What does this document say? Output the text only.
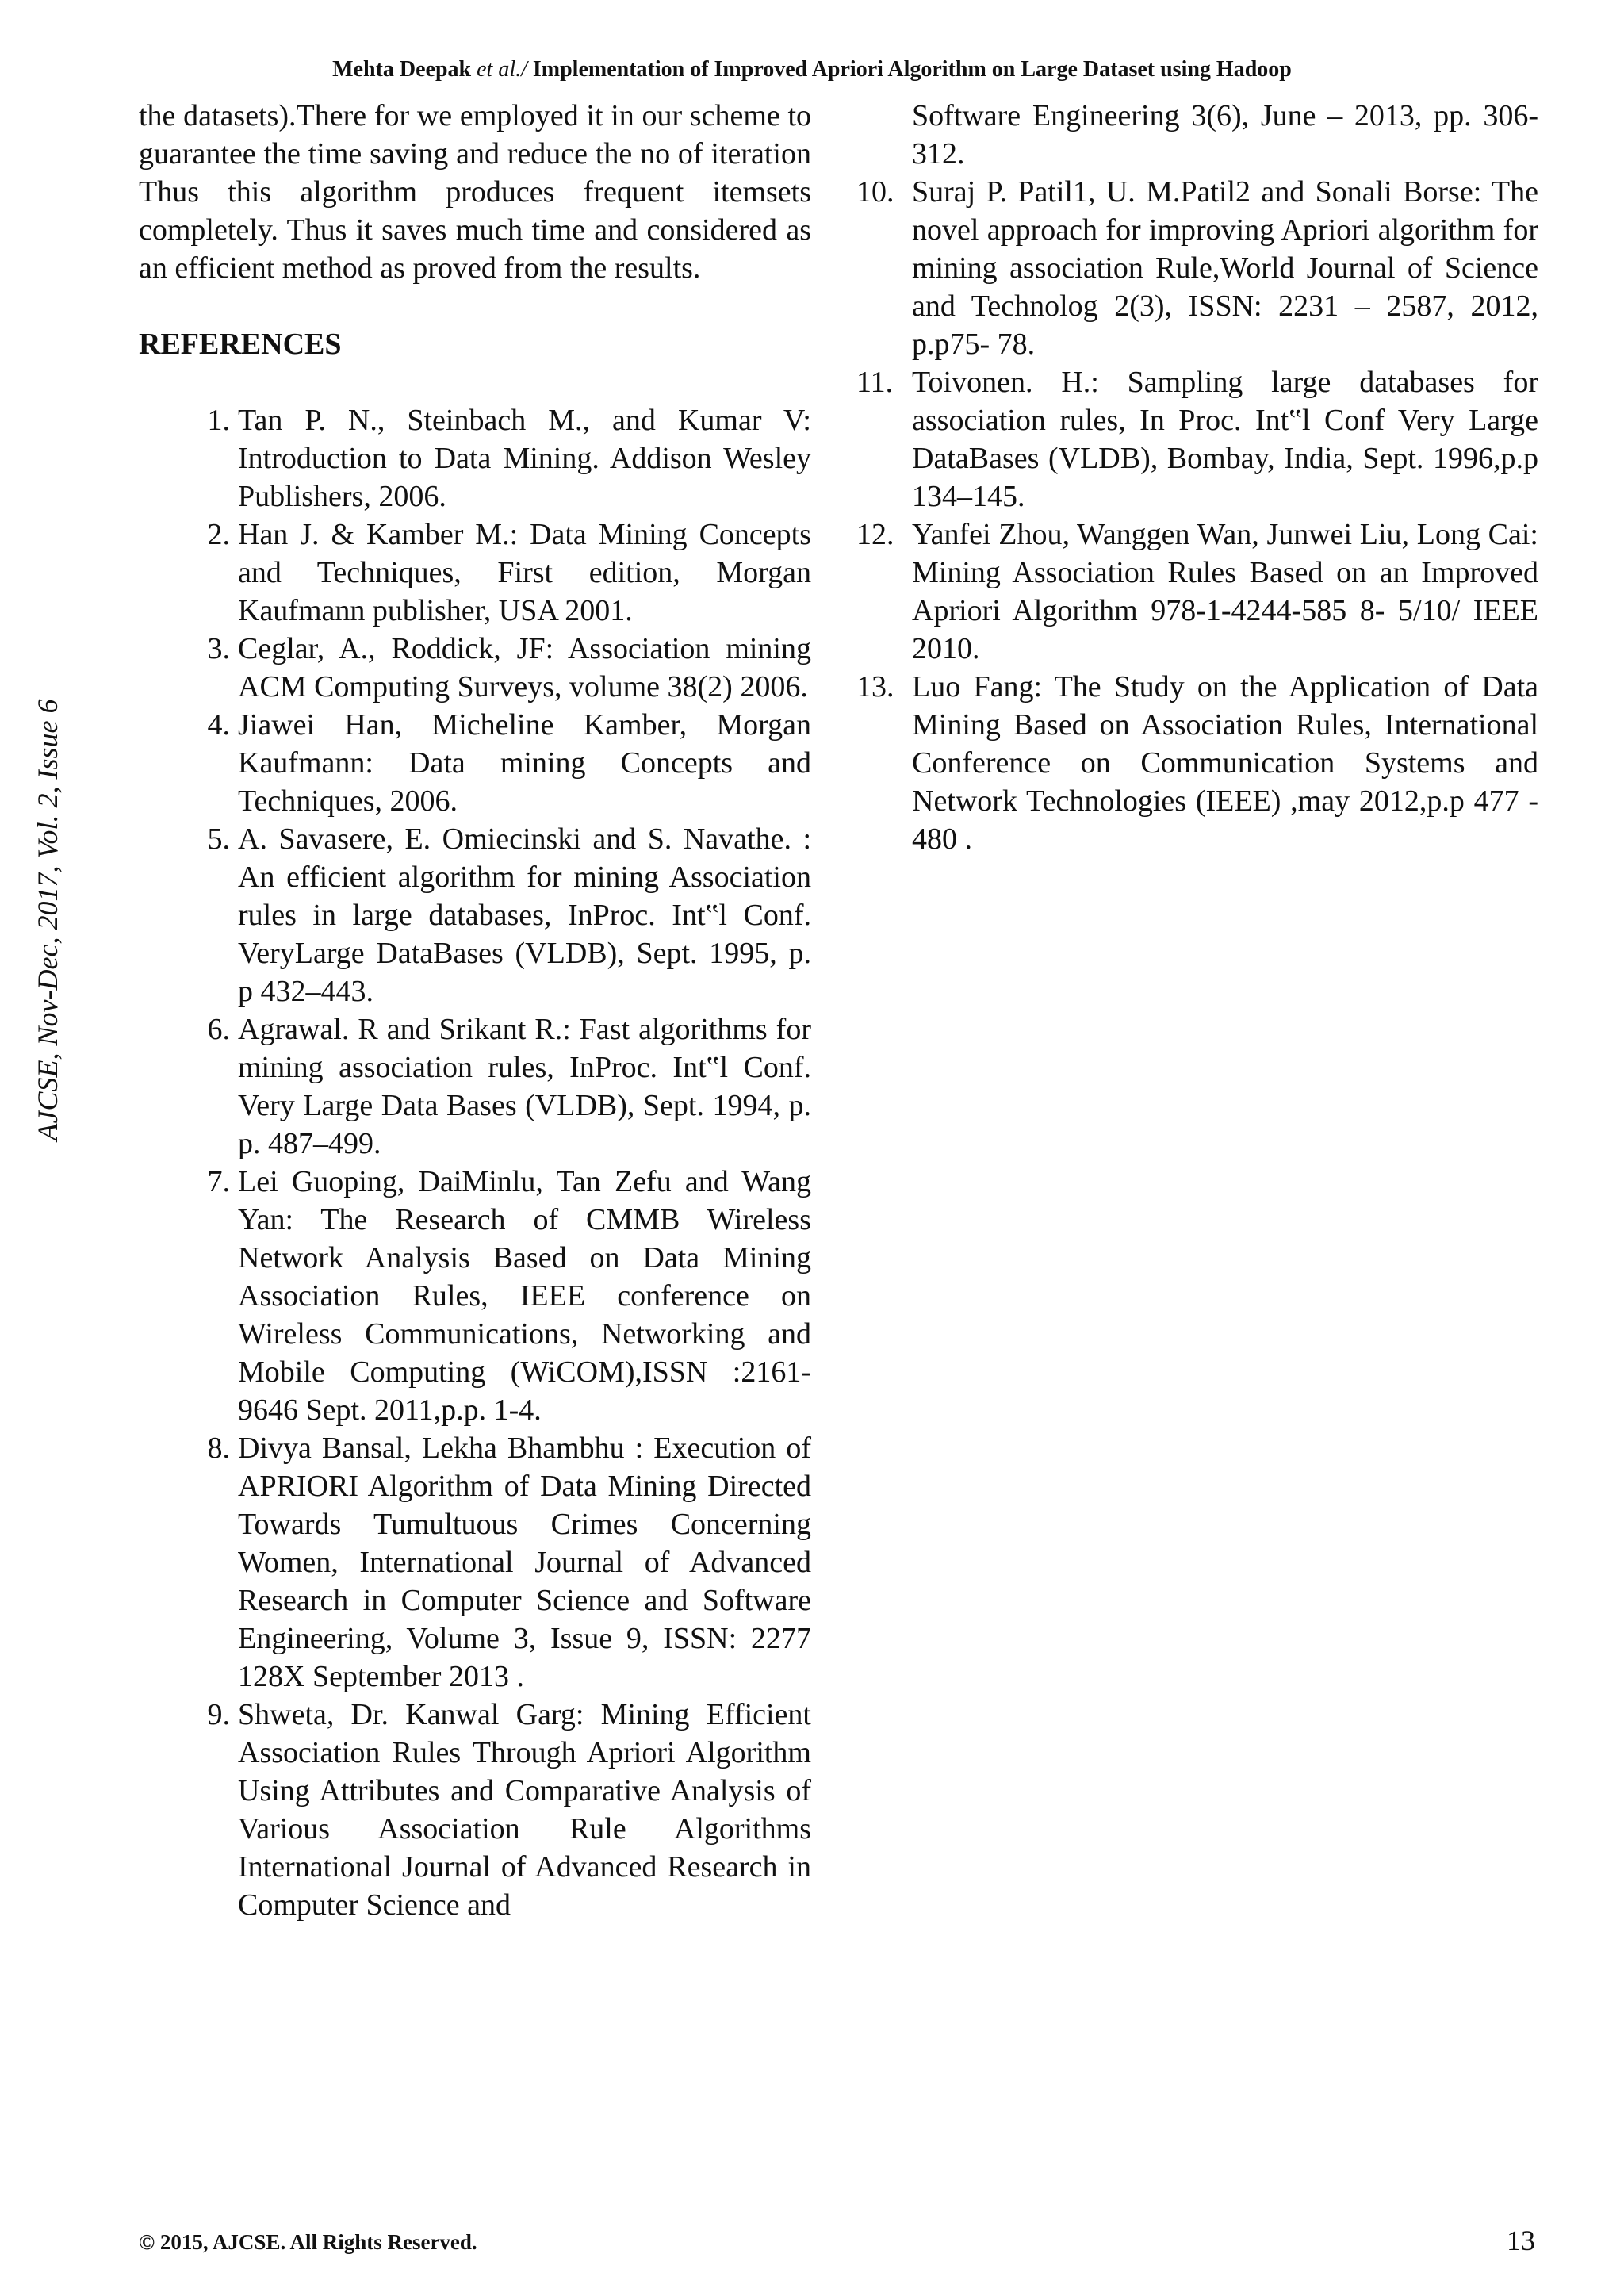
Mehta Deepak et al./ Implementation of Improved Apriori Algorithm on Large Dataset using Hadoop
AJCSE, Nov-Dec, 2017, Vol. 2, Issue 6

the datasets).There for we employed it in our scheme to guarantee the time saving and reduce the no of iteration Thus this algorithm produces frequent itemsets completely. Thus it saves much time and considered as an efficient method as proved from the results.

REFERENCES
1. Tan P. N., Steinbach M., and Kumar V: Introduction to Data Mining. Addison Wesley Publishers, 2006.
2. Han J. & Kamber M.: Data Mining Concepts and Techniques, First edition, Morgan Kaufmann publisher, USA 2001.
3. Ceglar, A., Roddick, JF: Association mining ACM Computing Surveys, volume 38(2) 2006.
4. Jiawei Han, Micheline Kamber, Morgan Kaufmann: Data mining Concepts and Techniques, 2006.
5. A. Savasere, E. Omiecinski and S. Navathe. : An efficient algorithm for mining Association rules in large databases, InProc. Int‟l Conf. VeryLarge DataBases (VLDB), Sept. 1995, p. p 432–443.
6. Agrawal. R and Srikant R.: Fast algorithms for mining association rules, InProc. Int‟l Conf. Very Large Data Bases (VLDB), Sept. 1994, p. p. 487–499.
7. Lei Guoping, DaiMinlu, Tan Zefu and Wang Yan: The Research of CMMB Wireless Network Analysis Based on Data Mining Association Rules, IEEE conference on Wireless Communications, Networking and Mobile Computing (WiCOM),ISSN :2161- 9646 Sept. 2011,p.p. 1-4.
8. Divya Bansal, Lekha Bhambhu : Execution of APRIORI Algorithm of Data Mining Directed Towards Tumultuous Crimes Concerning Women, International Journal of Advanced Research in Computer Science and Software Engineering, Volume 3, Issue 9, ISSN: 2277 128X September 2013 .
9. Shweta, Dr. Kanwal Garg: Mining Efficient Association Rules Through Apriori Algorithm Using Attributes and Comparative Analysis of Various Association Rule Algorithms International Journal of Advanced Research in Computer Science and

Software Engineering 3(6), June – 2013, pp. 306-312.

10. Suraj P. Patil1, U. M.Patil2 and Sonali Borse: The novel approach for improving Apriori algorithm for mining association Rule,World Journal of Science and Technolog 2(3), ISSN: 2231 – 2587, 2012, p.p75- 78.
11. Toivonen. H.: Sampling large databases for association rules, In Proc. Int‟l Conf Very Large DataBases (VLDB), Bombay, India, Sept. 1996,p.p 134–145.
12. Yanfei Zhou, Wanggen Wan, Junwei Liu, Long Cai: Mining Association Rules Based on an Improved Apriori Algorithm 978-1-4244-585 8- 5/10/ IEEE 2010.
13. Luo Fang: The Study on the Application of Data Mining Based on Association Rules, International Conference on Communication Systems and Network Technologies (IEEE) ,may 2012,p.p 477 - 480 .
© 2015, AJCSE. All Rights Reserved.	13
